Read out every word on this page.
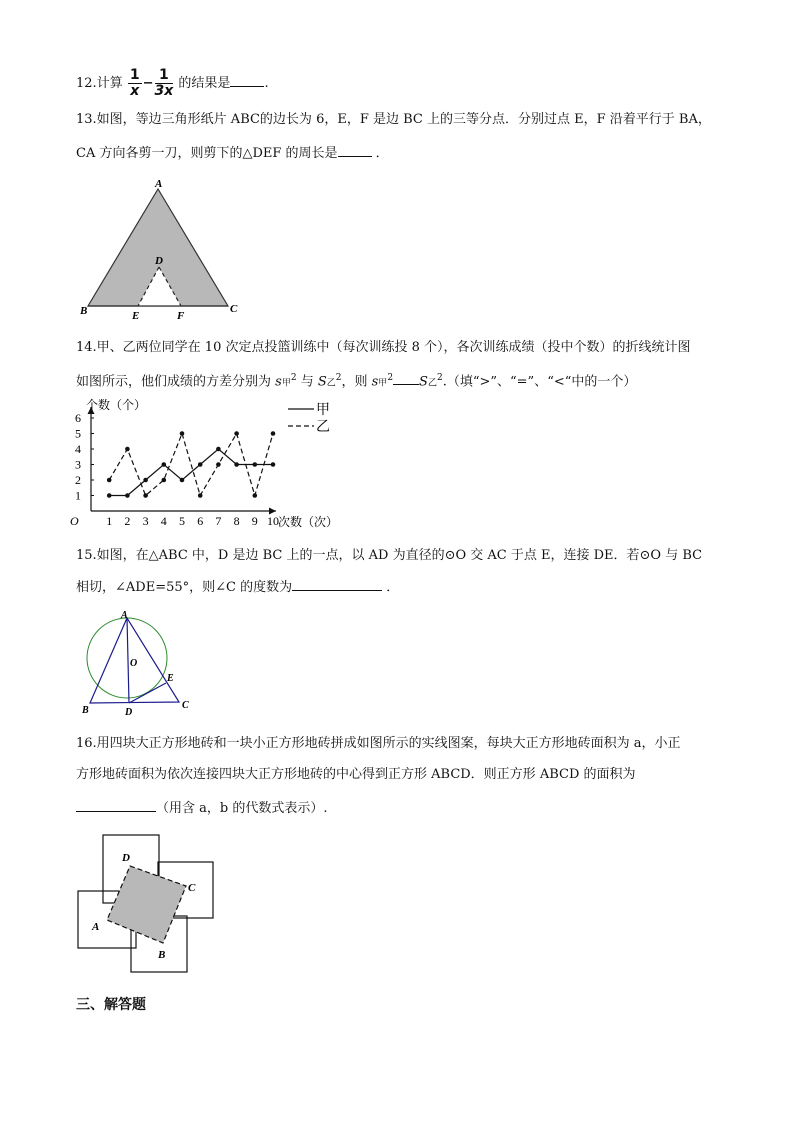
12.计算 $\frac{1}{x} - \frac{1}{3x}$ 的结果是	.
13.如图，等边三角形纸片 ABC的边长为 6，E，F 是边 BC 上的三等分点．分别过点 E，F 沿着平行于 BA，
CA 方向各剪一刀，则剪下的△DEF 的周长是	．
A
B	C
D
E	F
14.甲、乙两位同学在 10 次定点投篮训练中（每次训练投 8 个），各次训练成绩（投中个数）的折线统计图
如图所示，他们成绩的方差分别为 s甲$^2$ 与 S乙$^2$，则 s甲$^2$ S乙$^2$.（填“>”、“=”、“<“中的一个）
个数（个）
次数（次）
O 1 2 3 4 5 6 7 8 9 10
1
2
3
4
5
6	甲
乙
15.如图，在△ABC 中，D 是边 BC 上的一点，以 AD 为直径的⊙O 交 AC 于点 E，连接 DE．若⊙O 与 BC
相切，∠ADE=55°，则∠C 的度数为	．
A
O
E
B	D
C
16.用四块大正方形地砖和一块小正方形地砖拼成如图所示的实线图案，每块大正方形地砖面积为 a，小正
方形地砖面积为依次连接四块大正方形地砖的中心得到正方形 ABCD．则正方形 ABCD 的面积为
（用含 a，b 的代数式表示）.
D
C
A
B
三、解答题
